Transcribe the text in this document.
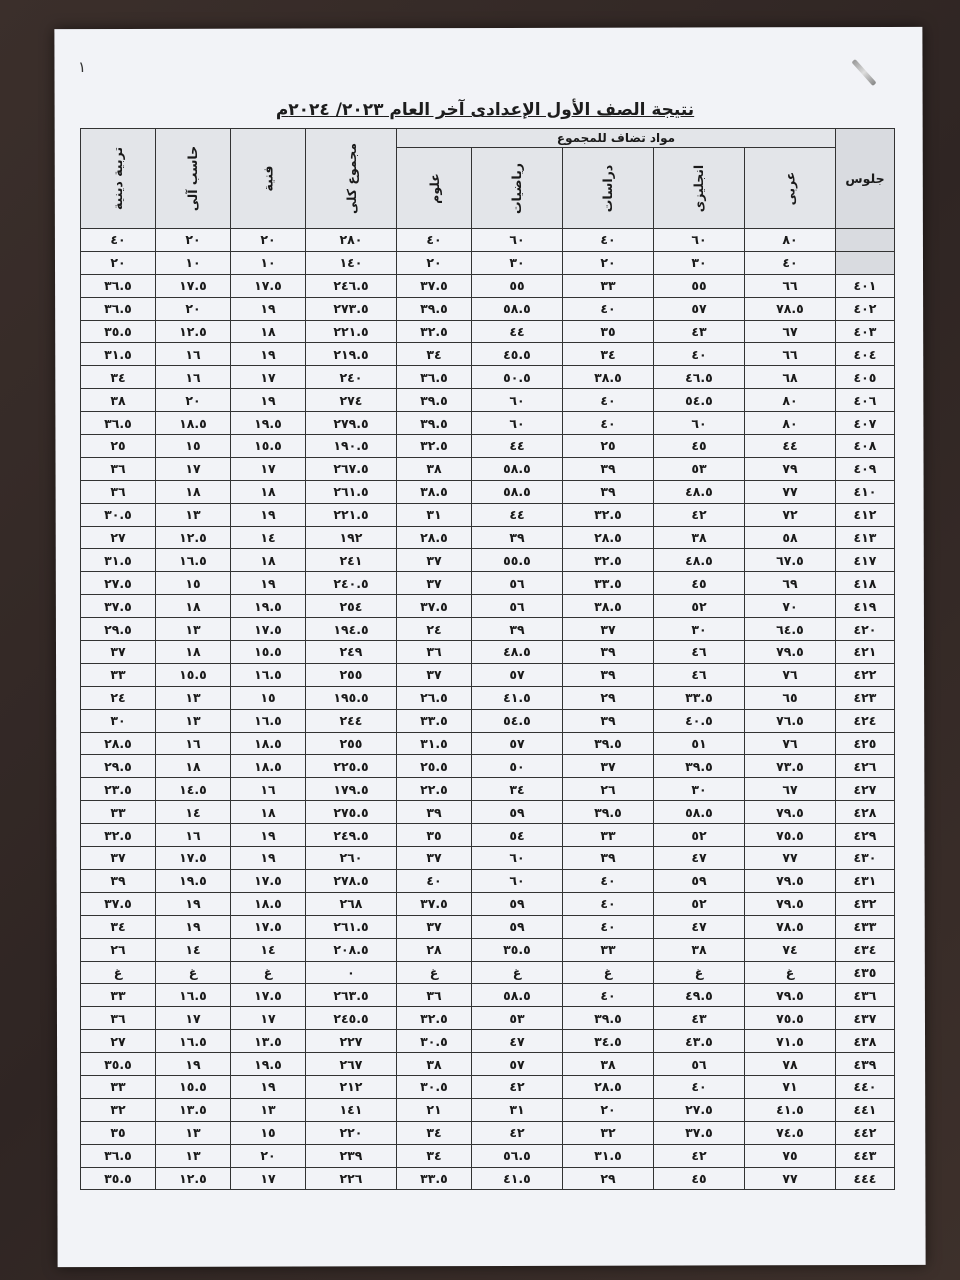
١
نتيجة الصف الأول الإعدادى آخر العام ٢٠٢٣/ ٢٠٢٤م
جلوس	مواد تضاف للمجموع					مجموع كلى	فنية	حاسب آلى	تربية دينية
	عربى	انجليزى	دراسات	رياضيات	علوم				
	٨٠	٦٠	٤٠	٦٠	٤٠	٢٨٠	٢٠	٢٠	٤٠
	٤٠	٣٠	٢٠	٣٠	٢٠	١٤٠	١٠	١٠	٢٠
٤٠١	٦٦	٥٥	٣٣	٥٥	٣٧.٥	٢٤٦.٥	١٧.٥	١٧.٥	٣٦.٥
٤٠٢	٧٨.٥	٥٧	٤٠	٥٨.٥	٣٩.٥	٢٧٣.٥	١٩	٢٠	٣٦.٥
٤٠٣	٦٧	٤٣	٣٥	٤٤	٣٢.٥	٢٢١.٥	١٨	١٢.٥	٣٥.٥
٤٠٤	٦٦	٤٠	٣٤	٤٥.٥	٣٤	٢١٩.٥	١٩	١٦	٣١.٥
٤٠٥	٦٨	٤٦.٥	٣٨.٥	٥٠.٥	٣٦.٥	٢٤٠	١٧	١٦	٣٤
٤٠٦	٨٠	٥٤.٥	٤٠	٦٠	٣٩.٥	٢٧٤	١٩	٢٠	٣٨
٤٠٧	٨٠	٦٠	٤٠	٦٠	٣٩.٥	٢٧٩.٥	١٩.٥	١٨.٥	٣٦.٥
٤٠٨	٤٤	٤٥	٢٥	٤٤	٣٢.٥	١٩٠.٥	١٥.٥	١٥	٢٥
٤٠٩	٧٩	٥٣	٣٩	٥٨.٥	٣٨	٢٦٧.٥	١٧	١٧	٣٦
٤١٠	٧٧	٤٨.٥	٣٩	٥٨.٥	٣٨.٥	٢٦١.٥	١٨	١٨	٣٦
٤١٢	٧٢	٤٢	٣٢.٥	٤٤	٣١	٢٢١.٥	١٩	١٣	٣٠.٥
٤١٣	٥٨	٣٨	٢٨.٥	٣٩	٢٨.٥	١٩٢	١٤	١٢.٥	٢٧
٤١٧	٦٧.٥	٤٨.٥	٣٢.٥	٥٥.٥	٣٧	٢٤١	١٨	١٦.٥	٣١.٥
٤١٨	٦٩	٤٥	٣٣.٥	٥٦	٣٧	٢٤٠.٥	١٩	١٥	٢٧.٥
٤١٩	٧٠	٥٢	٣٨.٥	٥٦	٣٧.٥	٢٥٤	١٩.٥	١٨	٣٧.٥
٤٢٠	٦٤.٥	٣٠	٣٧	٣٩	٢٤	١٩٤.٥	١٧.٥	١٣	٢٩.٥
٤٢١	٧٩.٥	٤٦	٣٩	٤٨.٥	٣٦	٢٤٩	١٥.٥	١٨	٣٧
٤٢٢	٧٦	٤٦	٣٩	٥٧	٣٧	٢٥٥	١٦.٥	١٥.٥	٣٣
٤٢٣	٦٥	٣٣.٥	٢٩	٤١.٥	٢٦.٥	١٩٥.٥	١٥	١٣	٢٤
٤٢٤	٧٦.٥	٤٠.٥	٣٩	٥٤.٥	٣٣.٥	٢٤٤	١٦.٥	١٣	٣٠
٤٢٥	٧٦	٥١	٣٩.٥	٥٧	٣١.٥	٢٥٥	١٨.٥	١٦	٢٨.٥
٤٢٦	٧٣.٥	٣٩.٥	٣٧	٥٠	٢٥.٥	٢٢٥.٥	١٨.٥	١٨	٢٩.٥
٤٢٧	٦٧	٣٠	٢٦	٣٤	٢٢.٥	١٧٩.٥	١٦	١٤.٥	٢٣.٥
٤٢٨	٧٩.٥	٥٨.٥	٣٩.٥	٥٩	٣٩	٢٧٥.٥	١٨	١٤	٣٣
٤٢٩	٧٥.٥	٥٢	٣٣	٥٤	٣٥	٢٤٩.٥	١٩	١٦	٣٢.٥
٤٣٠	٧٧	٤٧	٣٩	٦٠	٣٧	٢٦٠	١٩	١٧.٥	٣٧
٤٣١	٧٩.٥	٥٩	٤٠	٦٠	٤٠	٢٧٨.٥	١٧.٥	١٩.٥	٣٩
٤٣٢	٧٩.٥	٥٢	٤٠	٥٩	٣٧.٥	٢٦٨	١٨.٥	١٩	٣٧.٥
٤٣٣	٧٨.٥	٤٧	٤٠	٥٩	٣٧	٢٦١.٥	١٧.٥	١٩	٣٤
٤٣٤	٧٤	٣٨	٣٣	٣٥.٥	٢٨	٢٠٨.٥	١٤	١٤	٢٦
٤٣٥	غ	غ	غ	غ	غ	٠	غ	غ	غ
٤٣٦	٧٩.٥	٤٩.٥	٤٠	٥٨.٥	٣٦	٢٦٣.٥	١٧.٥	١٦.٥	٣٣
٤٣٧	٧٥.٥	٤٣	٣٩.٥	٥٣	٣٢.٥	٢٤٥.٥	١٧	١٧	٣٦
٤٣٨	٧١.٥	٤٣.٥	٣٤.٥	٤٧	٣٠.٥	٢٢٧	١٣.٥	١٦.٥	٢٧
٤٣٩	٧٨	٥٦	٣٨	٥٧	٣٨	٢٦٧	١٩.٥	١٩	٣٥.٥
٤٤٠	٧١	٤٠	٢٨.٥	٤٢	٣٠.٥	٢١٢	١٩	١٥.٥	٣٣
٤٤١	٤١.٥	٢٧.٥	٢٠	٣١	٢١	١٤١	١٣	١٣.٥	٣٢
٤٤٢	٧٤.٥	٣٧.٥	٣٢	٤٢	٣٤	٢٢٠	١٥	١٣	٣٥
٤٤٣	٧٥	٤٢	٣١.٥	٥٦.٥	٣٤	٢٣٩	٢٠	١٣	٣٦.٥
٤٤٤	٧٧	٤٥	٢٩	٤١.٥	٣٣.٥	٢٢٦	١٧	١٢.٥	٣٥.٥
